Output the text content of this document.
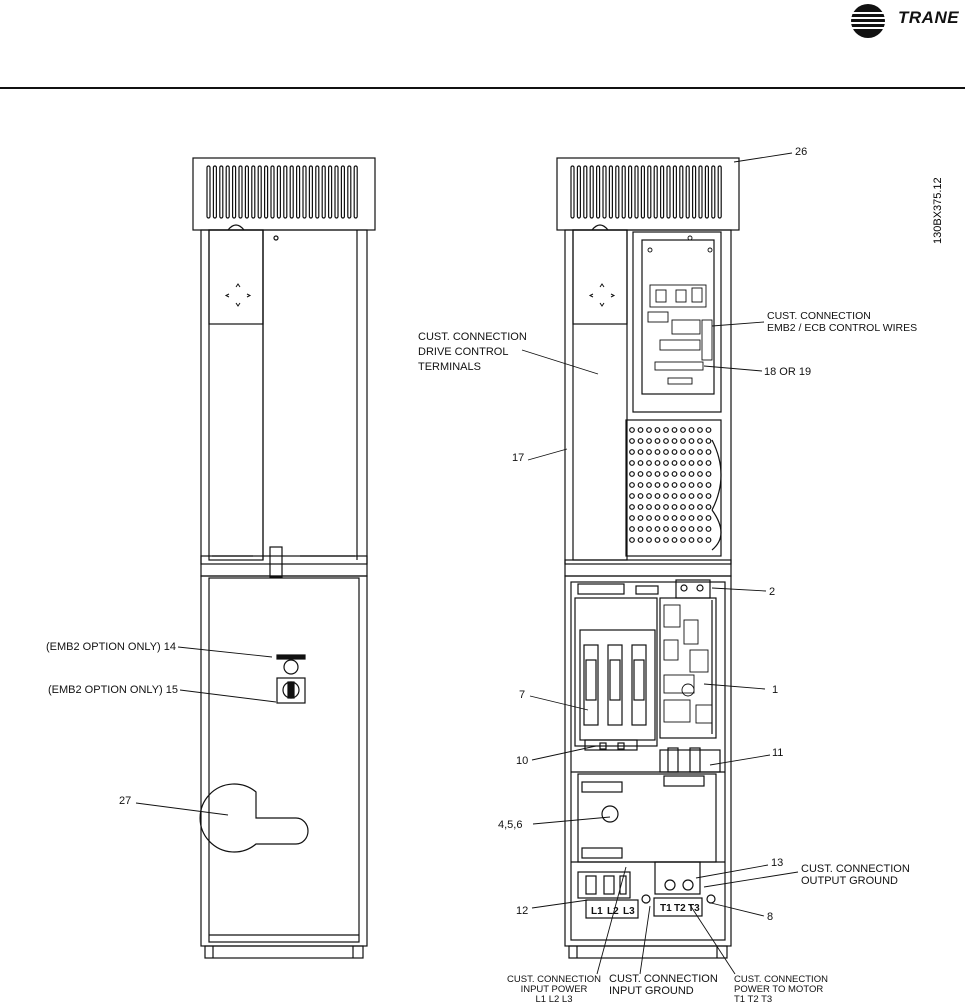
L1 L2 L3	T1 T2 T3
TRANE
130BX375.12
(EMB2 OPTION ONLY) 14
(EMB2 OPTION ONLY) 15
27
26
CUST. CONNECTION
DRIVE CONTROL
TERMINALS
CUST. CONNECTION
EMB2 / ECB CONTROL WIRES
18 OR 19
17
2
1
7
10
11
4,5,6
13 CUST. CONNECTION
OUTPUT GROUND
12	8
CUST. CONNECTION
INPUT POWER
L1 L2 L3
CUST. CONNECTION
INPUT GROUND
CUST. CONNECTION
POWER TO MOTOR
T1 T2 T3
